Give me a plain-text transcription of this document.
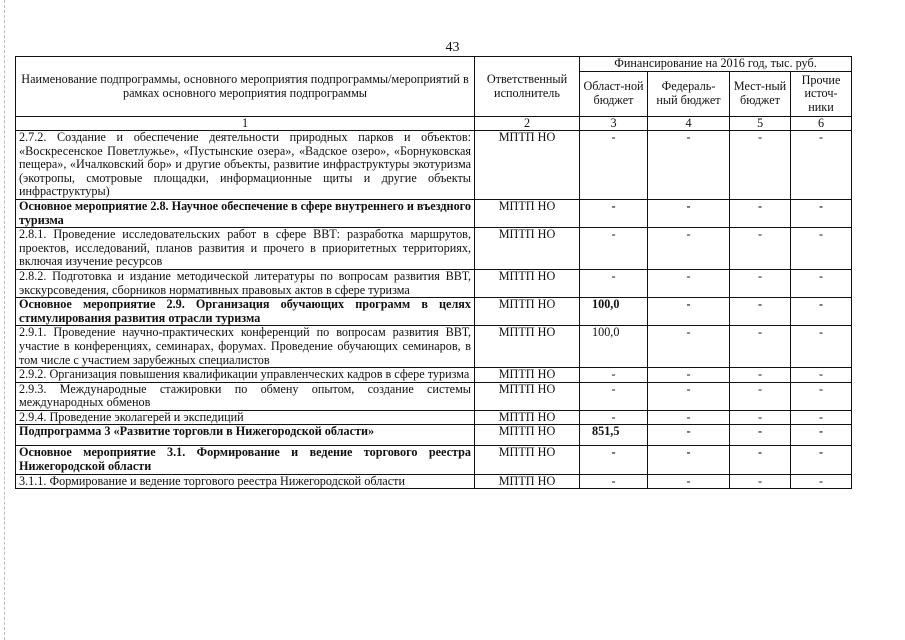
43
Наименование подпрограммы, основного мероприятия подпрограммы/мероприятий в рамках основного мероприятия подпрограммы	Ответственный исполнитель	Финансирование на 2016 год, тыс. руб.			
		Област-ной бюджет	Федераль-ный бюджет	Мест-ный бюджет	Прочие источ-ники
1	2	3	4	5	6
2.7.2. Создание и обеспечение деятельности природных парков и объектов: «Воскресенское Поветлужье», «Пустынские озера», «Вадское озеро», «Борнуковская пещера», «Ичалковский бор» и другие объекты, развитие инфраструктуры экотуризма (экотропы, смотровые площадки, информационные щиты и другие объекты инфраструктуры)	МПТП НО	-	-	-	-
Основное мероприятие 2.8. Научное обеспечение в сфере внутреннего и въездного туризма	МПТП НО	-	-	-	-
2.8.1. Проведение исследовательских работ в сфере ВВТ: разработка маршрутов, проектов, исследований, планов развития и прочего в приоритетных территориях, включая изучение ресурсов	МПТП НО	-	-	-	-
2.8.2. Подготовка и издание методической литературы по вопросам развития ВВТ, экскурсоведения, сборников нормативных правовых актов в сфере туризма	МПТП НО	-	-	-	-
Основное мероприятие 2.9. Организация обучающих программ в целях стимулирования развития отрасли туризма	МПТП НО	100,0	-	-	-
2.9.1. Проведение научно-практических конференций по вопросам развития ВВТ, участие в конференциях, семинарах, форумах. Проведение обучающих семинаров, в том числе с участием зарубежных специалистов	МПТП НО	100,0	-	-	-
2.9.2. Организация повышения квалификации управленческих кадров в сфере туризма	МПТП НО	-	-	-	-
2.9.3. Международные стажировки по обмену опытом, создание системы международных обменов	МПТП НО	-	-	-	-
2.9.4. Проведение эколагерей и экспедиций	МПТП НО	-	-	-	-
Подпрограмма 3 «Развитие торговли в Нижегородской области»	МПТП НО	851,5	-	-	-
Основное мероприятие 3.1. Формирование и ведение торгового реестра Нижегородской области	МПТП НО	-	-	-	-
3.1.1. Формирование и ведение торгового реестра Нижегородской области	МПТП НО	-	-	-	-
